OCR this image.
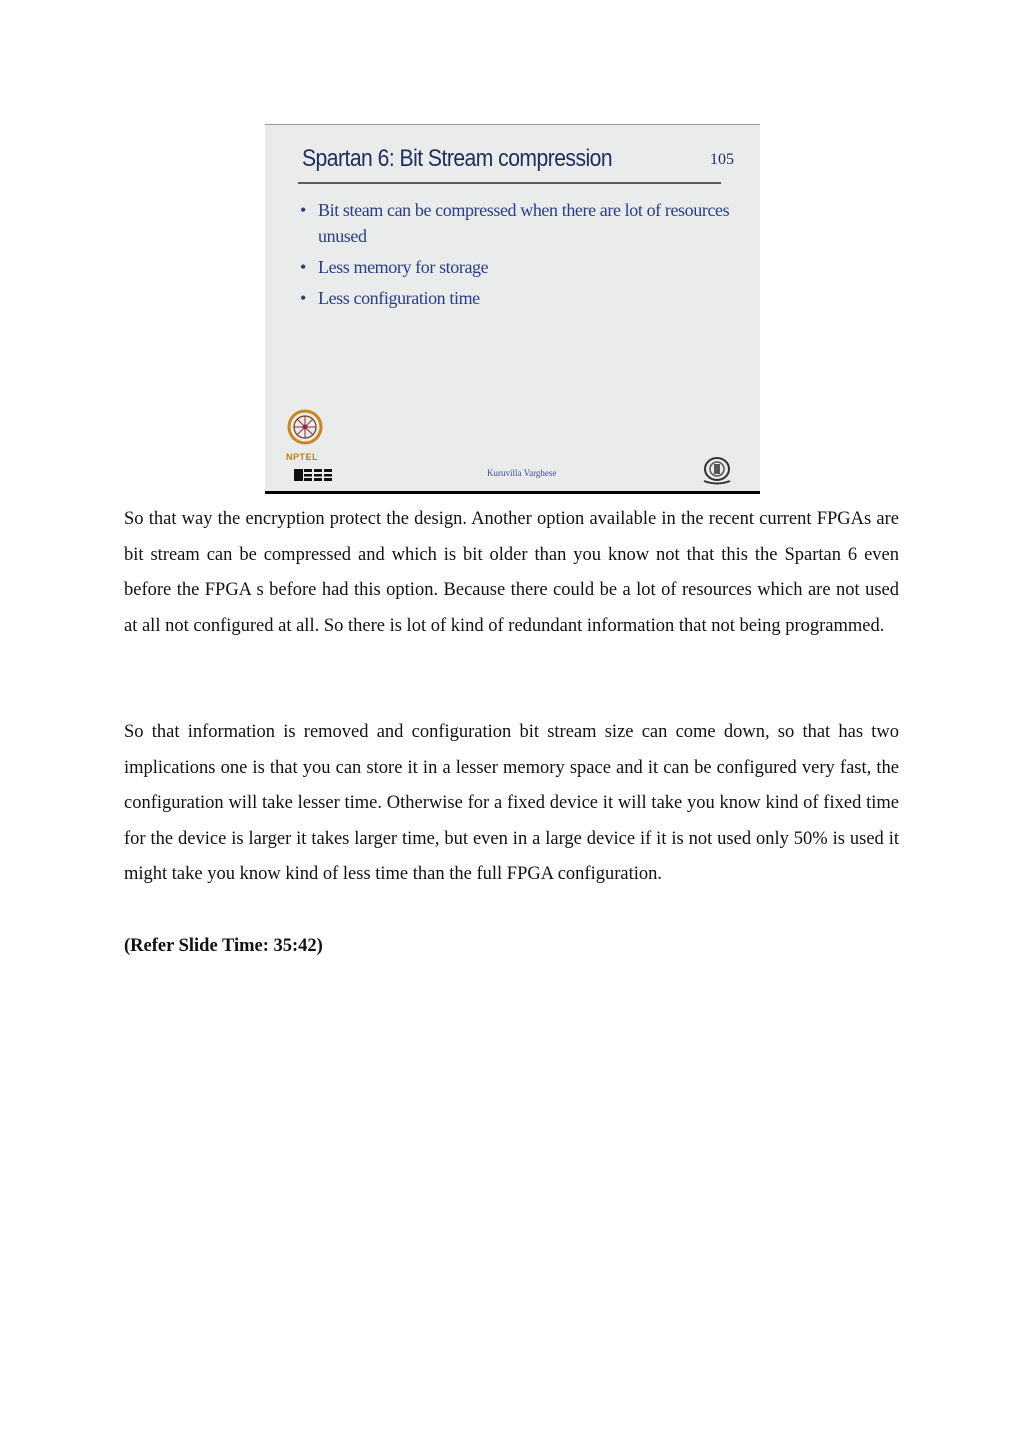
Spartan 6: Bit Stream compression	105
• Bit steam can be compressed when there are lot of resources unused
• Less memory for storage
• Less configuration time
NPTEL
Kuruvilla Varghese

So that way the encryption protect the design. Another option available in the recent current FPGAs are bit stream can be compressed and which is bit older than you know not that this the Spartan 6 even before the FPGA s before had this option. Because there could be a lot of resources which are not used at all not configured at all. So there is lot of kind of redundant information that not being programmed.

So that information is removed and configuration bit stream size can come down, so that has two implications one is that you can store it in a lesser memory space and it can be configured very fast, the configuration will take lesser time. Otherwise for a fixed device it will take you know kind of fixed time for the device is larger it takes larger time, but even in a large device if it is not used only 50% is used it might take you know kind of less time than the full FPGA configuration.

(Refer Slide Time: 35:42)
